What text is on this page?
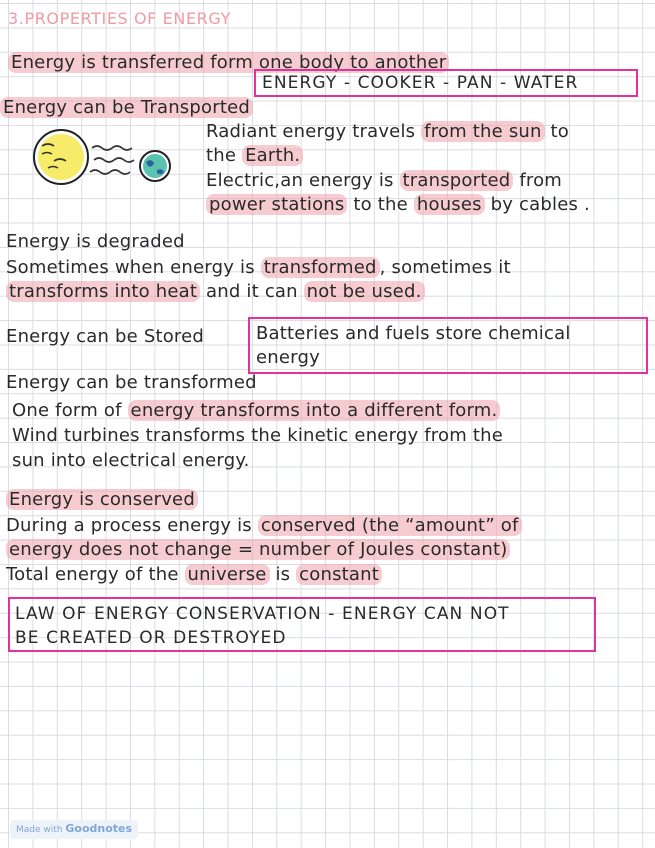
3.PROPERTIES OF ENERGY
Energy is transferred form one body to another
ENERGY - COOKER - PAN - WATER
Energy can be Transported
Radiant energy travels from the sun to
the Earth.
Electric,an energy is transported from
power stations to the houses by cables .
Energy is degraded
Sometimes when energy is transformed , sometimes it
transforms into heat and it can not be used.
Energy can be Stored	Batteries and fuels store chemical
energy
Energy can be transformed
One form of energy transforms into a different form.
Wind turbines transforms the kinetic energy from the
sun into electrical energy.
Energy is conserved
During a process energy is conserved (the “amount” of
energy does not change = number of Joules constant)
Total energy of the universe is constant
LAW OF ENERGY CONSERVATION - ENERGY CAN NOT
BE CREATED OR DESTROYED
Made with Goodnotes
